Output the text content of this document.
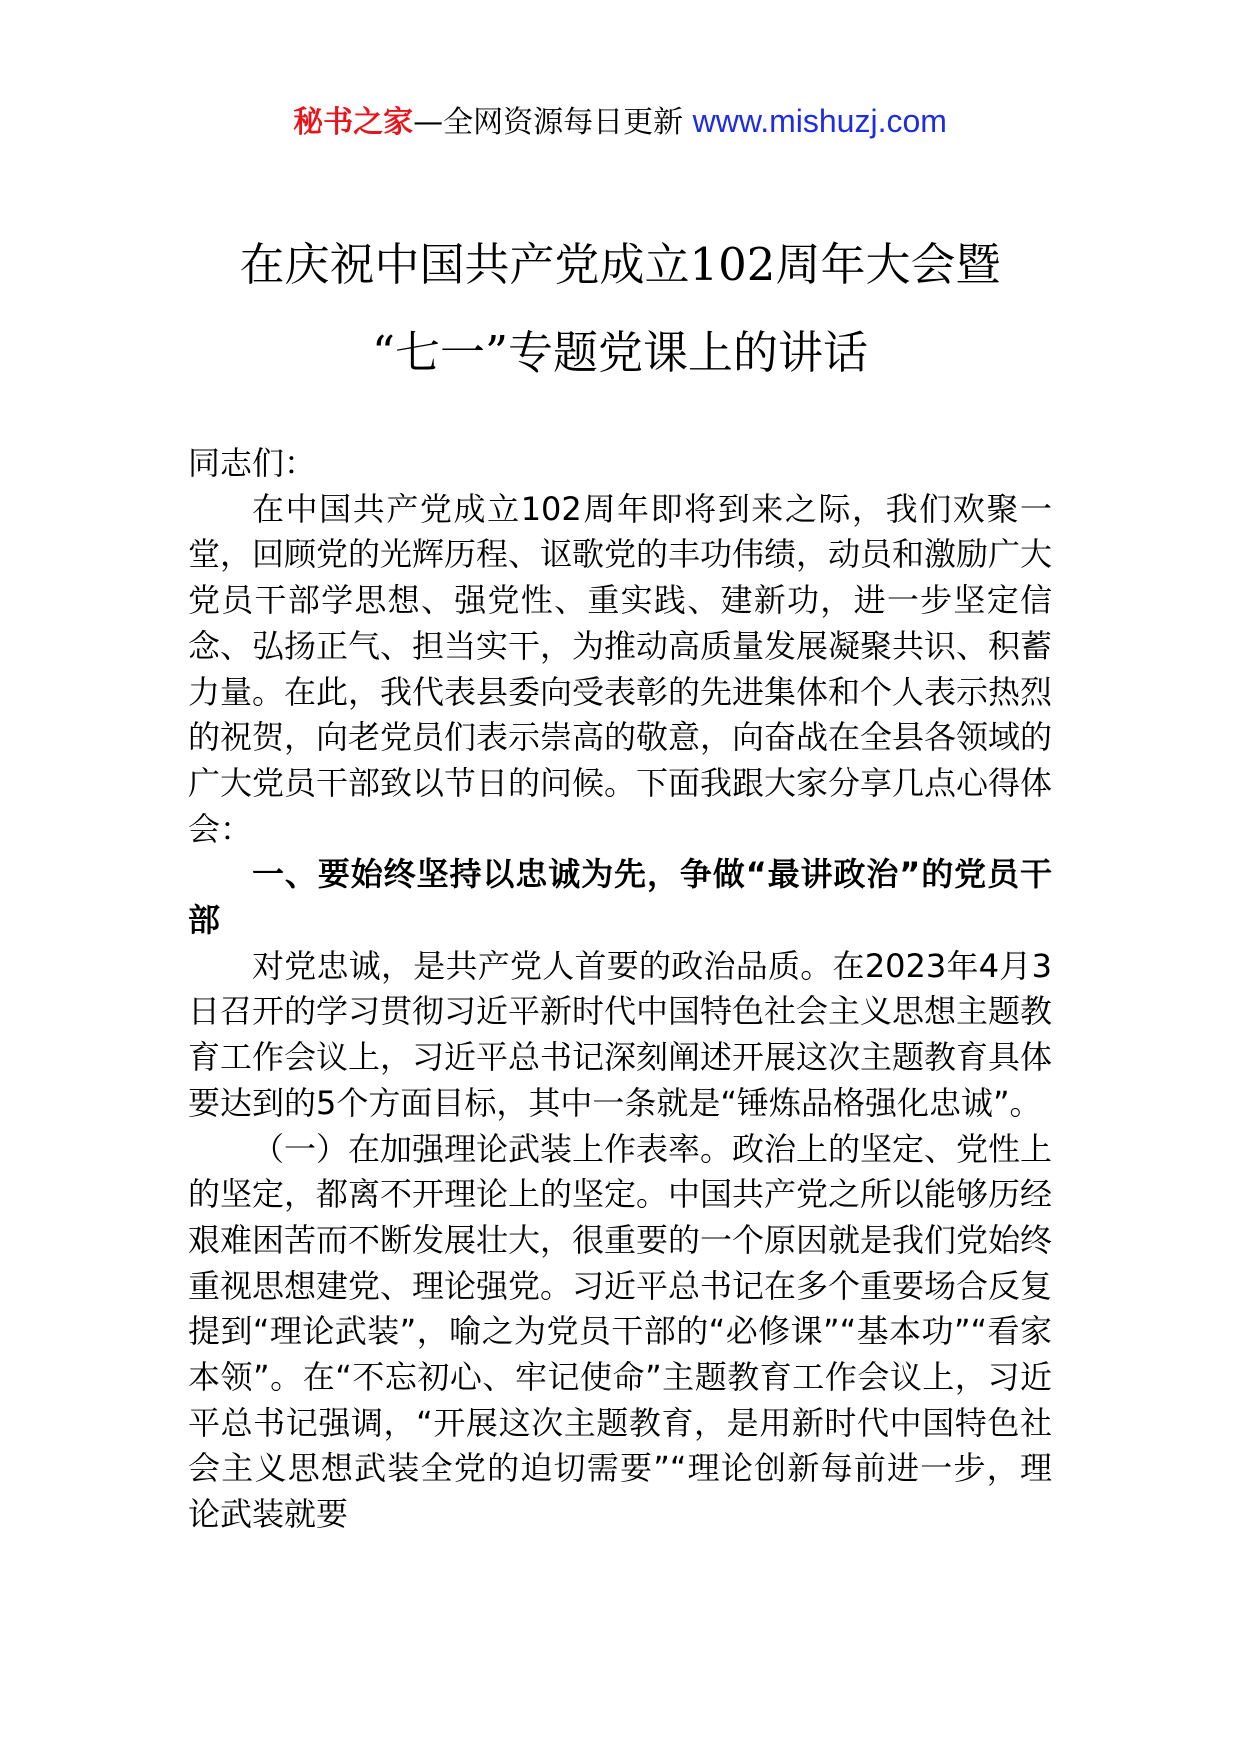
秘书之家—全网资源每日更新 www.mishuzj.com
在庆祝中国共产党成立102周年大会暨
“七一”专题党课上的讲话

同志们：

在中国共产党成立102周年即将到来之际，我们欢聚一堂，回顾党的光辉历程、讴歌党的丰功伟绩，动员和激励广大党员干部学思想、强党性、重实践、建新功，进一步坚定信念、弘扬正气、担当实干，为推动高质量发展凝聚共识、积蓄力量。在此，我代表县委向受表彰的先进集体和个人表示热烈的祝贺，向老党员们表示崇高的敬意，向奋战在全县各领域的广大党员干部致以节日的问候。下面我跟大家分享几点心得体会：

一、要始终坚持以忠诚为先，争做“最讲政治”的党员干部

对党忠诚，是共产党人首要的政治品质。在2023年4月3日召开的学习贯彻习近平新时代中国特色社会主义思想主题教育工作会议上，习近平总书记深刻阐述开展这次主题教育具体要达到的5个方面目标，其中一条就是“锤炼品格强化忠诚”。

（一）在加强理论武装上作表率。政治上的坚定、党性上的坚定，都离不开理论上的坚定。中国共产党之所以能够历经艰难困苦而不断发展壮大，很重要的一个原因就是我们党始终重视思想建党、理论强党。习近平总书记在多个重要场合反复提到“理论武装”，喻之为党员干部的“必修课”“基本功”“看家本领”。在“不忘初心、牢记使命”主题教育工作会议上，习近平总书记强调，“开展这次主题教育，是用新时代中国特色社会主义思想武装全党的迫切需要”“理论创新每前进一步，理论武装就要
